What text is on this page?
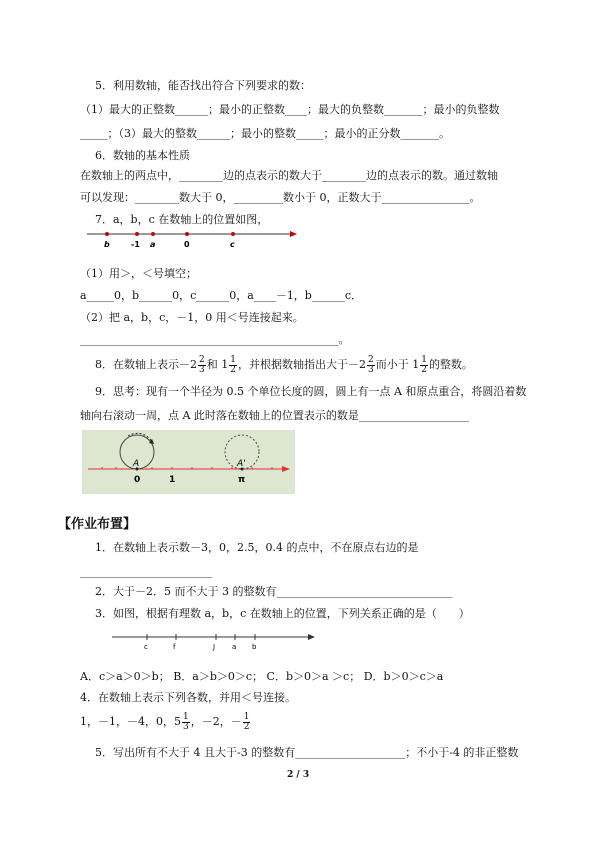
5．利用数轴，能否找出符合下列要求的数：
（1）最大的正整数______；最小的正整数____；最大的负整数_______；最小的负整数
_____；（3）最大的整数______；最小的整数_____；最小的正分数_______。
6．数轴的基本性质
在数轴上的两点中，________边的点表示的数大于________边的点表示的数。通过数轴
可以发现：________数大于 0，_________数小于 0，正数大于________________。
7．a，b，c 在数轴上的位置如图，
b	-1 a	0	c
（1）用＞，＜号填空；
a_____0，b______0，c______0，a____－1，b______c．
（2）把 a，b，c，－1，0 用＜号连接起来。
_______________________________________________。
8．在数轴上表示$-2 \frac{2}{3}$ 和 $1 \frac{1}{2}$ ，并根据数轴指出大于$-2 \frac{2}{3}$ 而小于 $1 \frac{1}{2}$ 的整数。
9．思考：现有一个半径为 0.5 个单位长度的圆，圆上有一点 A 和原点重合，将圆沿着数
轴向右滚动一周，点 A 此时落在数轴上的位置表示的数是____________________
A	A'
0	1	π
【作业布置】
1．在数轴上表示数－3，0，2.5，0.4 的点中，不在原点右边的是
________________________
2．大于－2．5 而不大于 3 的整数有________________________________
3．如图，根据有理数 a，b，c 在数轴上的位置，下列关系正确的是（　　）
c	f	J a b
A．c＞a＞0＞b； B．a＞b＞0＞c； C．b＞0＞a ＞c； D．b＞0＞c＞a
4．在数轴上表示下列各数，并用＜号连接。
1，－1，－4，0，$5 \frac{1}{3}$ ，－2，－ $\frac{1}{2}$
5．写出所有不大于 4 且大于-3 的整数有____________________；不小于-4 的非正整数
2 / 3
